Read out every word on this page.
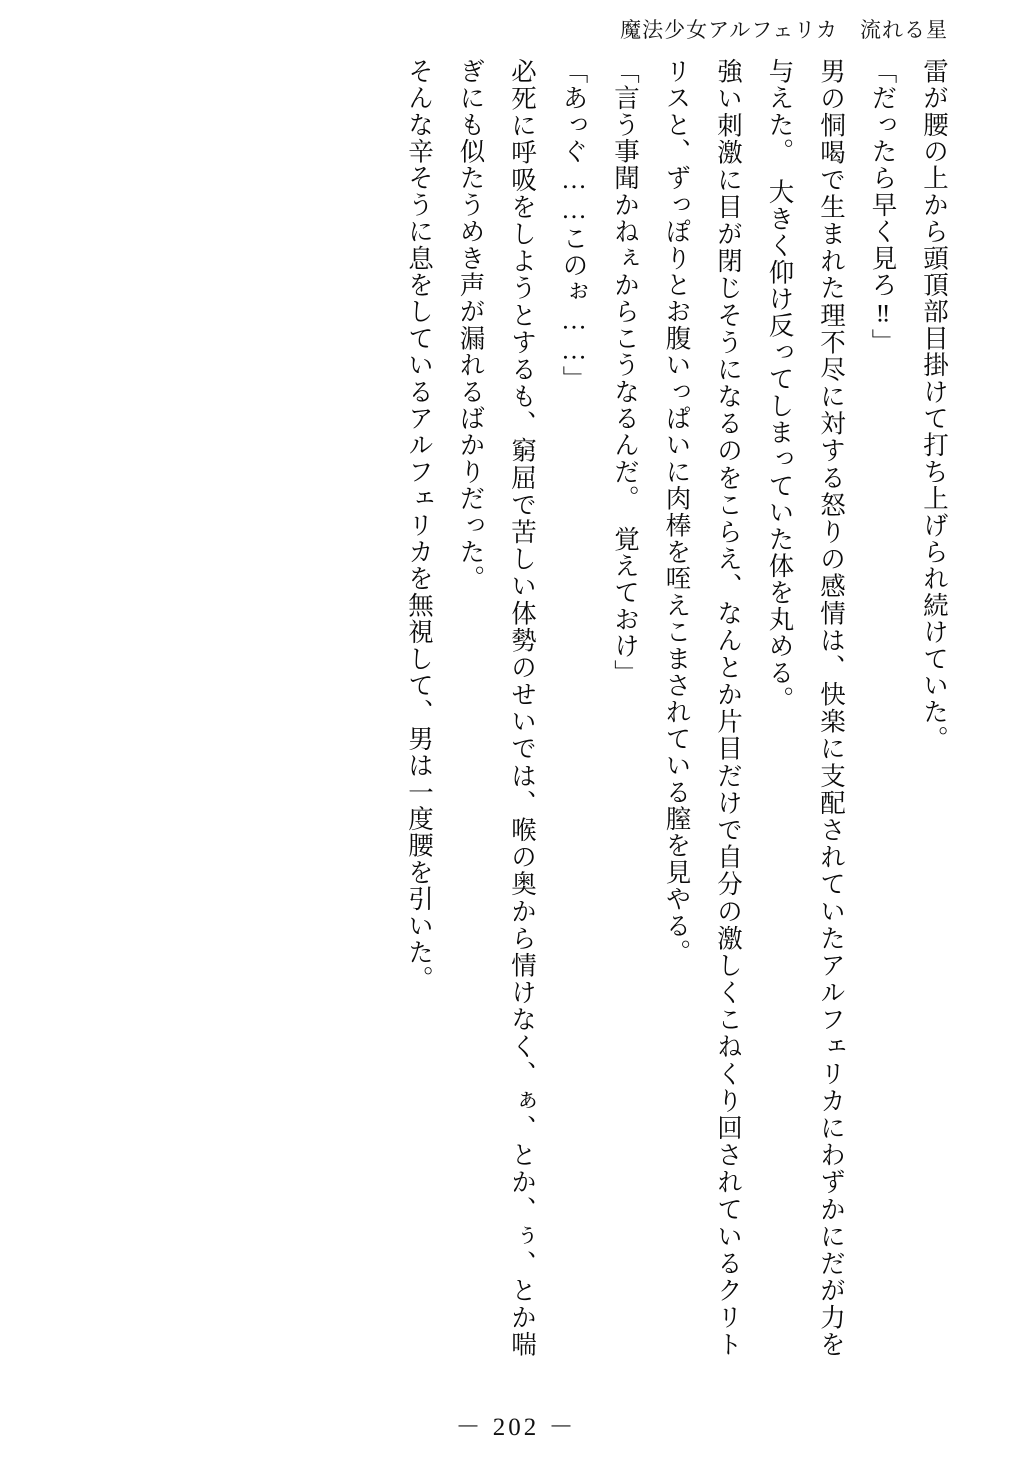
魔法少女アルフェリカ　流れる星

雷が腰の上から頭頂部目掛けて打ち上げられ続けていた。

「だったら早く見ろ‼」

男の恫喝で生まれた理不尽に対する怒りの感情は、快楽に支配されていたアルフェリカにわずかにだが力を与えた。　大きく仰け反ってしまっていた体を丸める。

強い刺激に目が閉じそうになるのをこらえ、なんとか片目だけで自分の激しくこねくり回されているクリトリスと、ずっぽりとお腹いっぱいに肉棒を咥えこまされている膣を見やる。

「言う事聞かねぇからこうなるんだ。　覚えておけ」

「あっぐ……このぉ……」

必死に呼吸をしようとするも、窮屈で苦しい体勢のせいでは、喉の奥から情けなく、ぁ、とか、ぅ、とか喘ぎにも似たうめき声が漏れるばかりだった。

そんな辛そうに息をしているアルフェリカを無視して、男は一度腰を引いた。

－ 202 －
